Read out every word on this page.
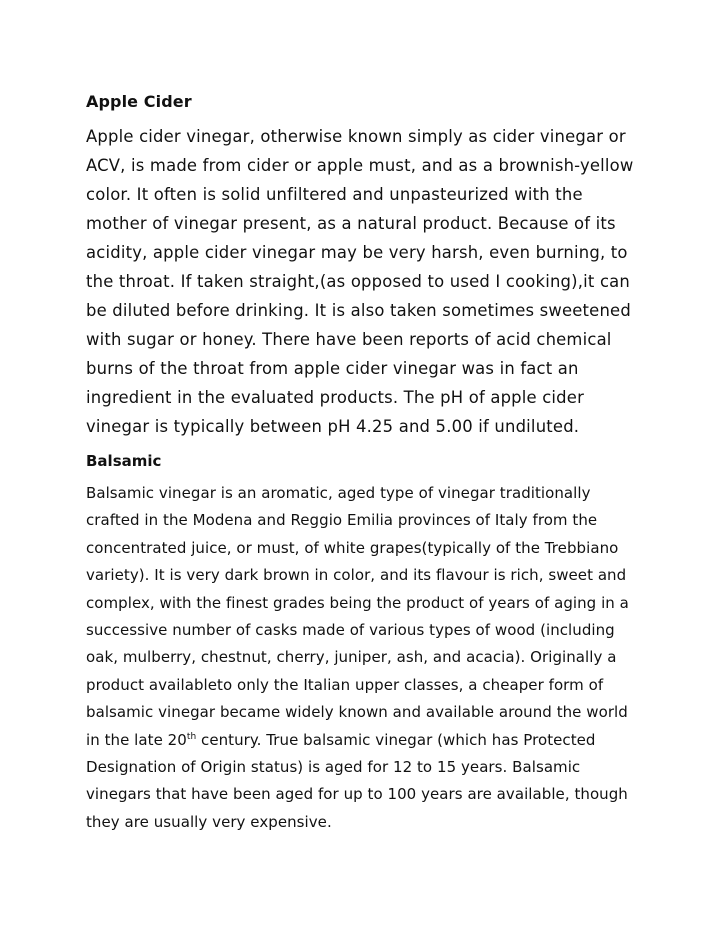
Apple Cider

Apple cider vinegar, otherwise known simply as cider vinegar or ACV, is made from cider or apple must, and as a brownish-yellow color. It often is solid unfiltered and unpasteurized with the mother of vinegar present, as a natural product. Because of its acidity, apple cider vinegar may be very harsh, even burning, to the throat. If taken straight,(as opposed to used I cooking),it can be diluted before drinking. It is also taken sometimes sweetened with sugar or honey. There have been reports of acid chemical burns of the throat from apple cider vinegar was in fact an ingredient in the evaluated products. The pH of apple cider vinegar is typically between pH 4.25 and 5.00 if undiluted.

Balsamic

Balsamic vinegar is an aromatic, aged type of vinegar traditionally crafted in the Modena and Reggio Emilia provinces of Italy from the concentrated juice, or must, of white grapes(typically of the Trebbiano variety). It is very dark brown in color, and its flavour is rich, sweet and complex, with the finest grades being the product of years of aging in a successive number of casks made of various types of wood (including oak, mulberry, chestnut, cherry, juniper, ash, and acacia). Originally a product availableto only the Italian upper classes, a cheaper form of balsamic vinegar became widely known and available around the world in the late 20th century. True balsamic vinegar (which has Protected Designation of Origin status) is aged for 12 to 15 years. Balsamic vinegars that have been aged for up to 100 years are available, though they are usually very expensive.
